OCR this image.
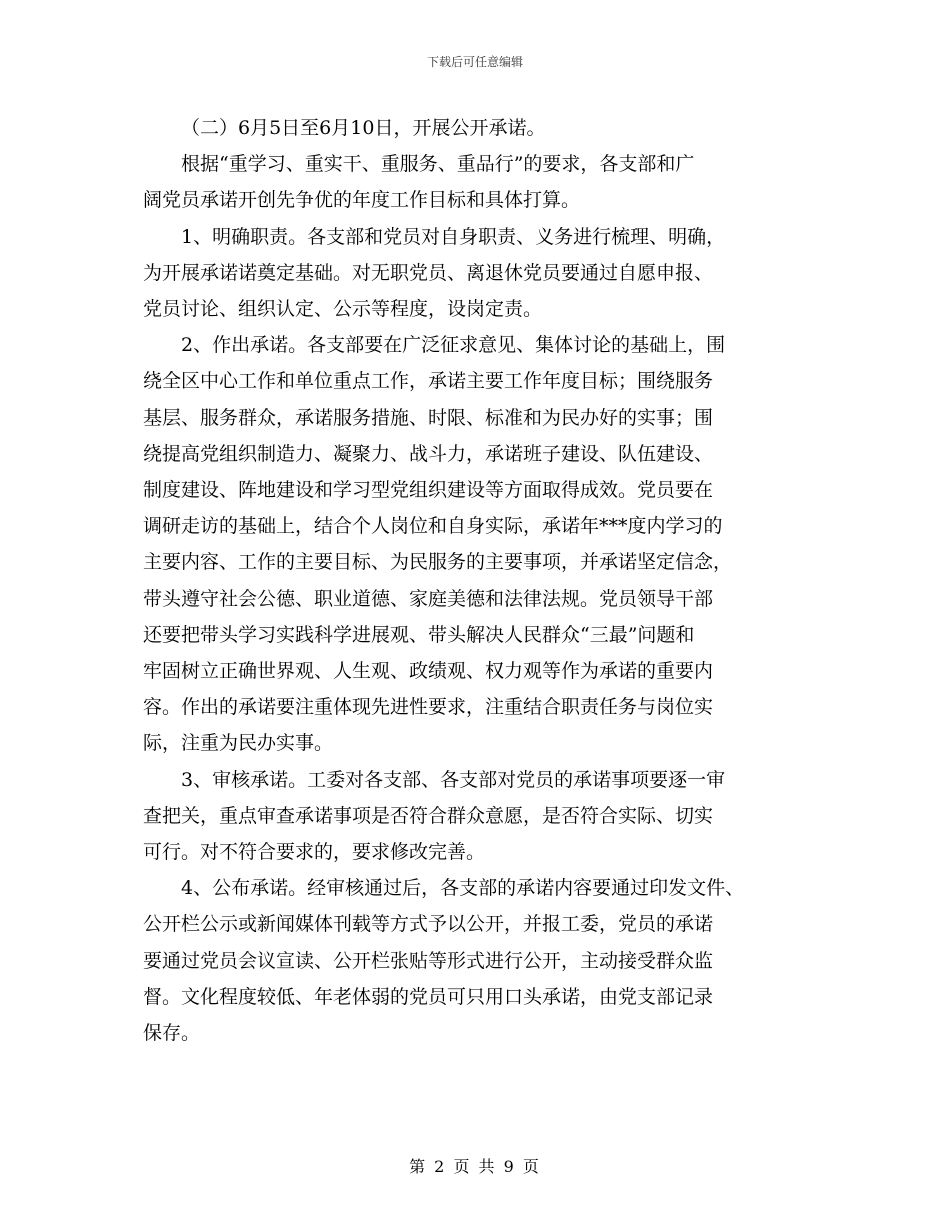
下载后可任意编辑

（二）6月5日至6月10日，开展公开承诺。

根据“重学习、重实干、重服务、重品行”的要求，各支部和广
阔党员承诺开创先争优的年度工作目标和具体打算。

1、明确职责。各支部和党员对自身职责、义务进行梳理、明确，
为开展承诺诺奠定基础。对无职党员、离退休党员要通过自愿申报、
党员讨论、组织认定、公示等程度，设岗定责。

2、作出承诺。各支部要在广泛征求意见、集体讨论的基础上，围
绕全区中心工作和单位重点工作，承诺主要工作年度目标；围绕服务
基层、服务群众，承诺服务措施、时限、标准和为民办好的实事；围
绕提高党组织制造力、凝聚力、战斗力，承诺班子建设、队伍建设、
制度建设、阵地建设和学习型党组织建设等方面取得成效。党员要在
调研走访的基础上，结合个人岗位和自身实际，承诺年***度内学习的
主要内容、工作的主要目标、为民服务的主要事项，并承诺坚定信念，
带头遵守社会公德、职业道德、家庭美德和法律法规。党员领导干部
还要把带头学习实践科学进展观、带头解决人民群众“三最”问题和
牢固树立正确世界观、人生观、政绩观、权力观等作为承诺的重要内
容。作出的承诺要注重体现先进性要求，注重结合职责任务与岗位实
际，注重为民办实事。

3、审核承诺。工委对各支部、各支部对党员的承诺事项要逐一审
查把关，重点审查承诺事项是否符合群众意愿，是否符合实际、切实
可行。对不符合要求的，要求修改完善。

4、公布承诺。经审核通过后，各支部的承诺内容要通过印发文件、
公开栏公示或新闻媒体刊载等方式予以公开，并报工委，党员的承诺
要通过党员会议宣读、公开栏张贴等形式进行公开，主动接受群众监
督。文化程度较低、年老体弱的党员可只用口头承诺，由党支部记录
保存。

第 2 页 共 9 页
